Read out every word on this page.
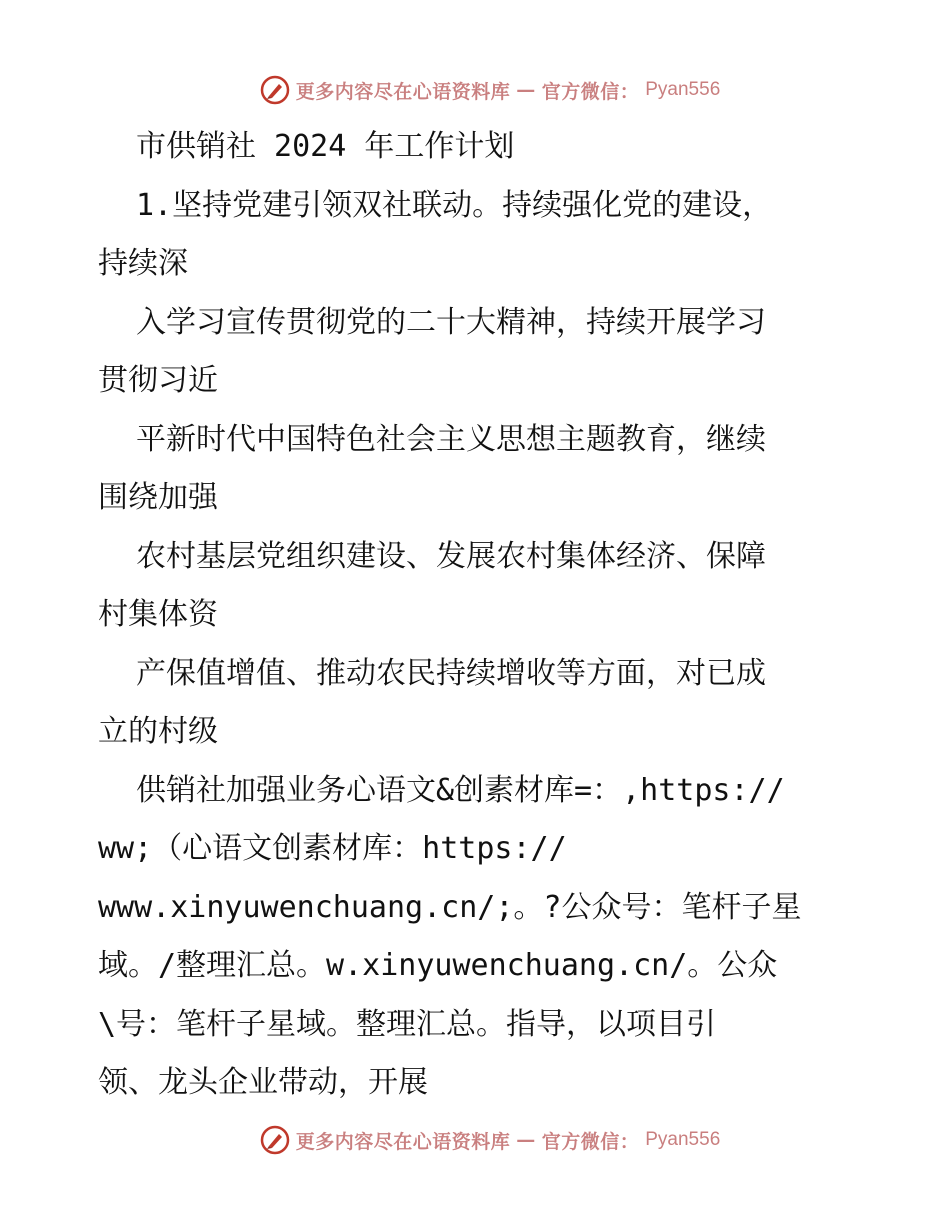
更多内容尽在心语资料库 — 官方微信： Pyan556
市供销社 2024 年工作计划
1.坚持党建引领双社联动。持续强化党的建设，
持续深
入学习宣传贯彻党的二十大精神，持续开展学习
贯彻习近
平新时代中国特色社会主义思想主题教育，继续
围绕加强
农村基层党组织建设、发展农村集体经济、保障
村集体资
产保值增值、推动农民持续增收等方面，对已成
立的村级
供销社加强业务心语文&创素材库=：,https://
ww;（心语文创素材库：https://
www.xinyuwenchuang.cn/;。?公众号：笔杆子星
域。/整理汇总。w.xinyuwenchuang.cn/。公众
\号：笔杆子星域。整理汇总。指导，以项目引
领、龙头企业带动，开展
更多内容尽在心语资料库 — 官方微信： Pyan556
